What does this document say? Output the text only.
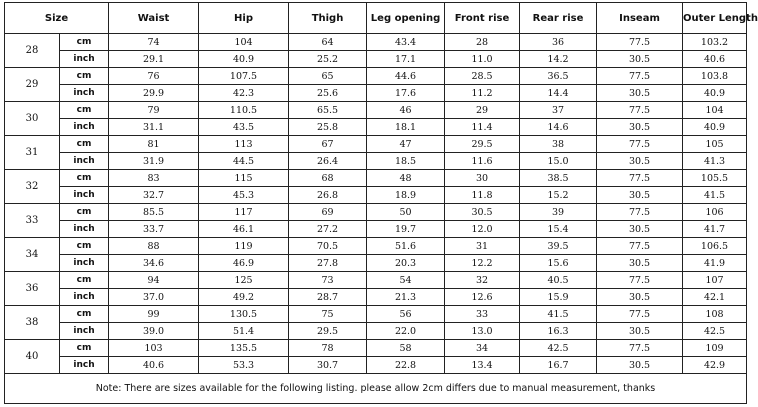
Size		Waist	Hip	Thigh	Leg opening	Front rise	Rear rise	Inseam	Outer Length
28	cm	74	104	64	43.4	28	36	77.5	103.2
	inch	29.1	40.9	25.2	17.1	11.0	14.2	30.5	40.6
29	cm	76	107.5	65	44.6	28.5	36.5	77.5	103.8
	inch	29.9	42.3	25.6	17.6	11.2	14.4	30.5	40.9
30	cm	79	110.5	65.5	46	29	37	77.5	104
	inch	31.1	43.5	25.8	18.1	11.4	14.6	30.5	40.9
31	cm	81	113	67	47	29.5	38	77.5	105
	inch	31.9	44.5	26.4	18.5	11.6	15.0	30.5	41.3
32	cm	83	115	68	48	30	38.5	77.5	105.5
	inch	32.7	45.3	26.8	18.9	11.8	15.2	30.5	41.5
33	cm	85.5	117	69	50	30.5	39	77.5	106
	inch	33.7	46.1	27.2	19.7	12.0	15.4	30.5	41.7
34	cm	88	119	70.5	51.6	31	39.5	77.5	106.5
	inch	34.6	46.9	27.8	20.3	12.2	15.6	30.5	41.9
36	cm	94	125	73	54	32	40.5	77.5	107
	inch	37.0	49.2	28.7	21.3	12.6	15.9	30.5	42.1
38	cm	99	130.5	75	56	33	41.5	77.5	108
	inch	39.0	51.4	29.5	22.0	13.0	16.3	30.5	42.5
40	cm	103	135.5	78	58	34	42.5	77.5	109
	inch	40.6	53.3	30.7	22.8	13.4	16.7	30.5	42.9
Note: There are sizes available for the following listing. please allow 2cm differs due to manual measurement, thanks									
